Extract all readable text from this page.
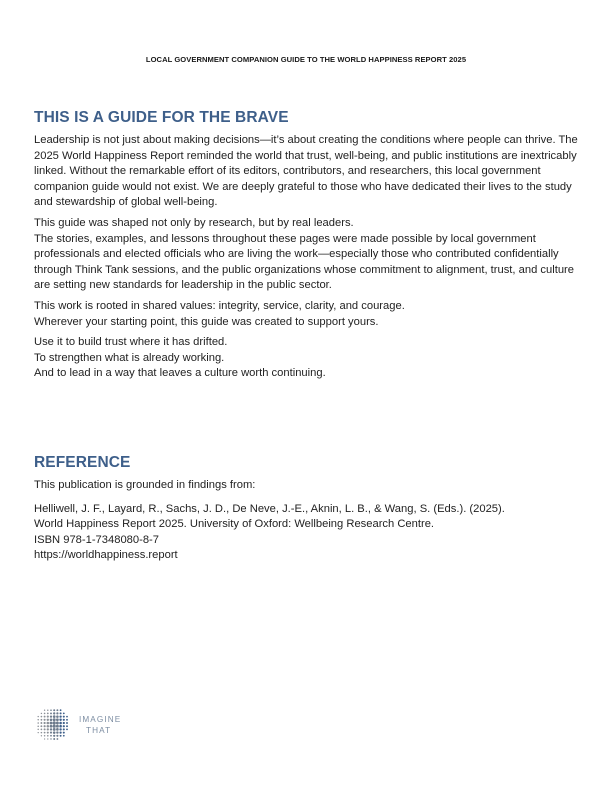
LOCAL GOVERNMENT COMPANION GUIDE TO THE WORLD HAPPINESS REPORT 2025
THIS IS A GUIDE FOR THE BRAVE

Leadership is not just about making decisions—it’s about creating the conditions where people can thrive. The 2025 World Happiness Report reminded the world that trust, well-being, and public institutions are inextricably linked. Without the remarkable effort of its editors, contributors, and researchers, this local government companion guide would not exist. We are deeply grateful to those who have dedicated their lives to the study and stewardship of global well-being.

This guide was shaped not only by research, but by real leaders.
The stories, examples, and lessons throughout these pages were made possible by local government professionals and elected officials who are living the work—especially those who contributed confidentially through Think Tank sessions, and the public organizations whose commitment to alignment, trust, and culture are setting new standards for leadership in the public sector.

This work is rooted in shared values: integrity, service, clarity, and courage.
Wherever your starting point, this guide was created to support yours.

Use it to build trust where it has drifted.
To strengthen what is already working.
And to lead in a way that leaves a culture worth continuing.

REFERENCE

This publication is grounded in findings from:

Helliwell, J. F., Layard, R., Sachs, J. D., De Neve, J.-E., Aknin, L. B., & Wang, S. (Eds.). (2025).
World Happiness Report 2025. University of Oxford: Wellbeing Research Centre.
ISBN 978-1-7348080-8-7
https://worldhappiness.report

IMAGINE
THAT
